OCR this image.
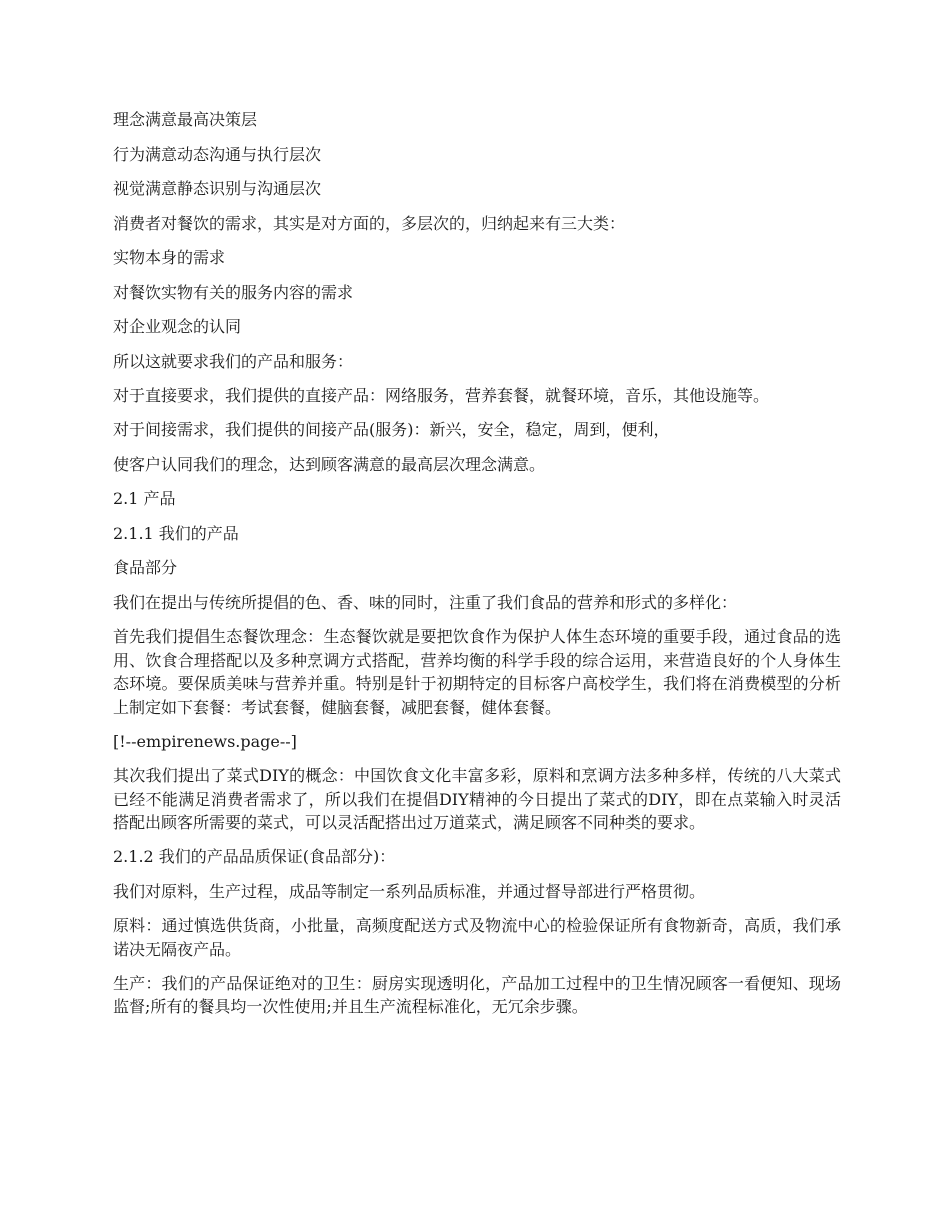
理念满意最高决策层

行为满意动态沟通与执行层次

视觉满意静态识别与沟通层次

消费者对餐饮的需求，其实是对方面的，多层次的，归纳起来有三大类：

实物本身的需求

对餐饮实物有关的服务内容的需求

对企业观念的认同

所以这就要求我们的产品和服务：

对于直接要求，我们提供的直接产品：网络服务，营养套餐，就餐环境，音乐，其他设施等。

对于间接需求，我们提供的间接产品(服务)：新兴，安全，稳定，周到，便利，

使客户认同我们的理念，达到顾客满意的最高层次理念满意。

2.1 产品

2.1.1 我们的产品

食品部分

我们在提出与传统所提倡的色、香、味的同时，注重了我们食品的营养和形式的多样化：

首先我们提倡生态餐饮理念：生态餐饮就是要把饮食作为保护人体生态环境的重要手段，通过食品的选用、饮食合理搭配以及多种烹调方式搭配，营养均衡的科学手段的综合运用，来营造良好的个人身体生态环境。要保质美味与营养并重。特别是针于初期特定的目标客户高校学生，我们将在消费模型的分析上制定如下套餐：考试套餐，健脑套餐，减肥套餐，健体套餐。

[!--empirenews.page--]

其次我们提出了菜式DIY的概念：中国饮食文化丰富多彩，原料和烹调方法多种多样，传统的八大菜式已经不能满足消费者需求了，所以我们在提倡DIY精神的今日提出了菜式的DIY，即在点菜输入时灵活搭配出顾客所需要的菜式，可以灵活配搭出过万道菜式，满足顾客不同种类的要求。

2.1.2 我们的产品品质保证(食品部分)：

我们对原料，生产过程，成品等制定一系列品质标准，并通过督导部进行严格贯彻。

原料：通过慎选供货商，小批量，高频度配送方式及物流中心的检验保证所有食物新奇，高质，我们承诺决无隔夜产品。

生产：我们的产品保证绝对的卫生：厨房实现透明化，产品加工过程中的卫生情况顾客一看便知、现场监督;所有的餐具均一次性使用;并且生产流程标准化，无冗余步骤。
